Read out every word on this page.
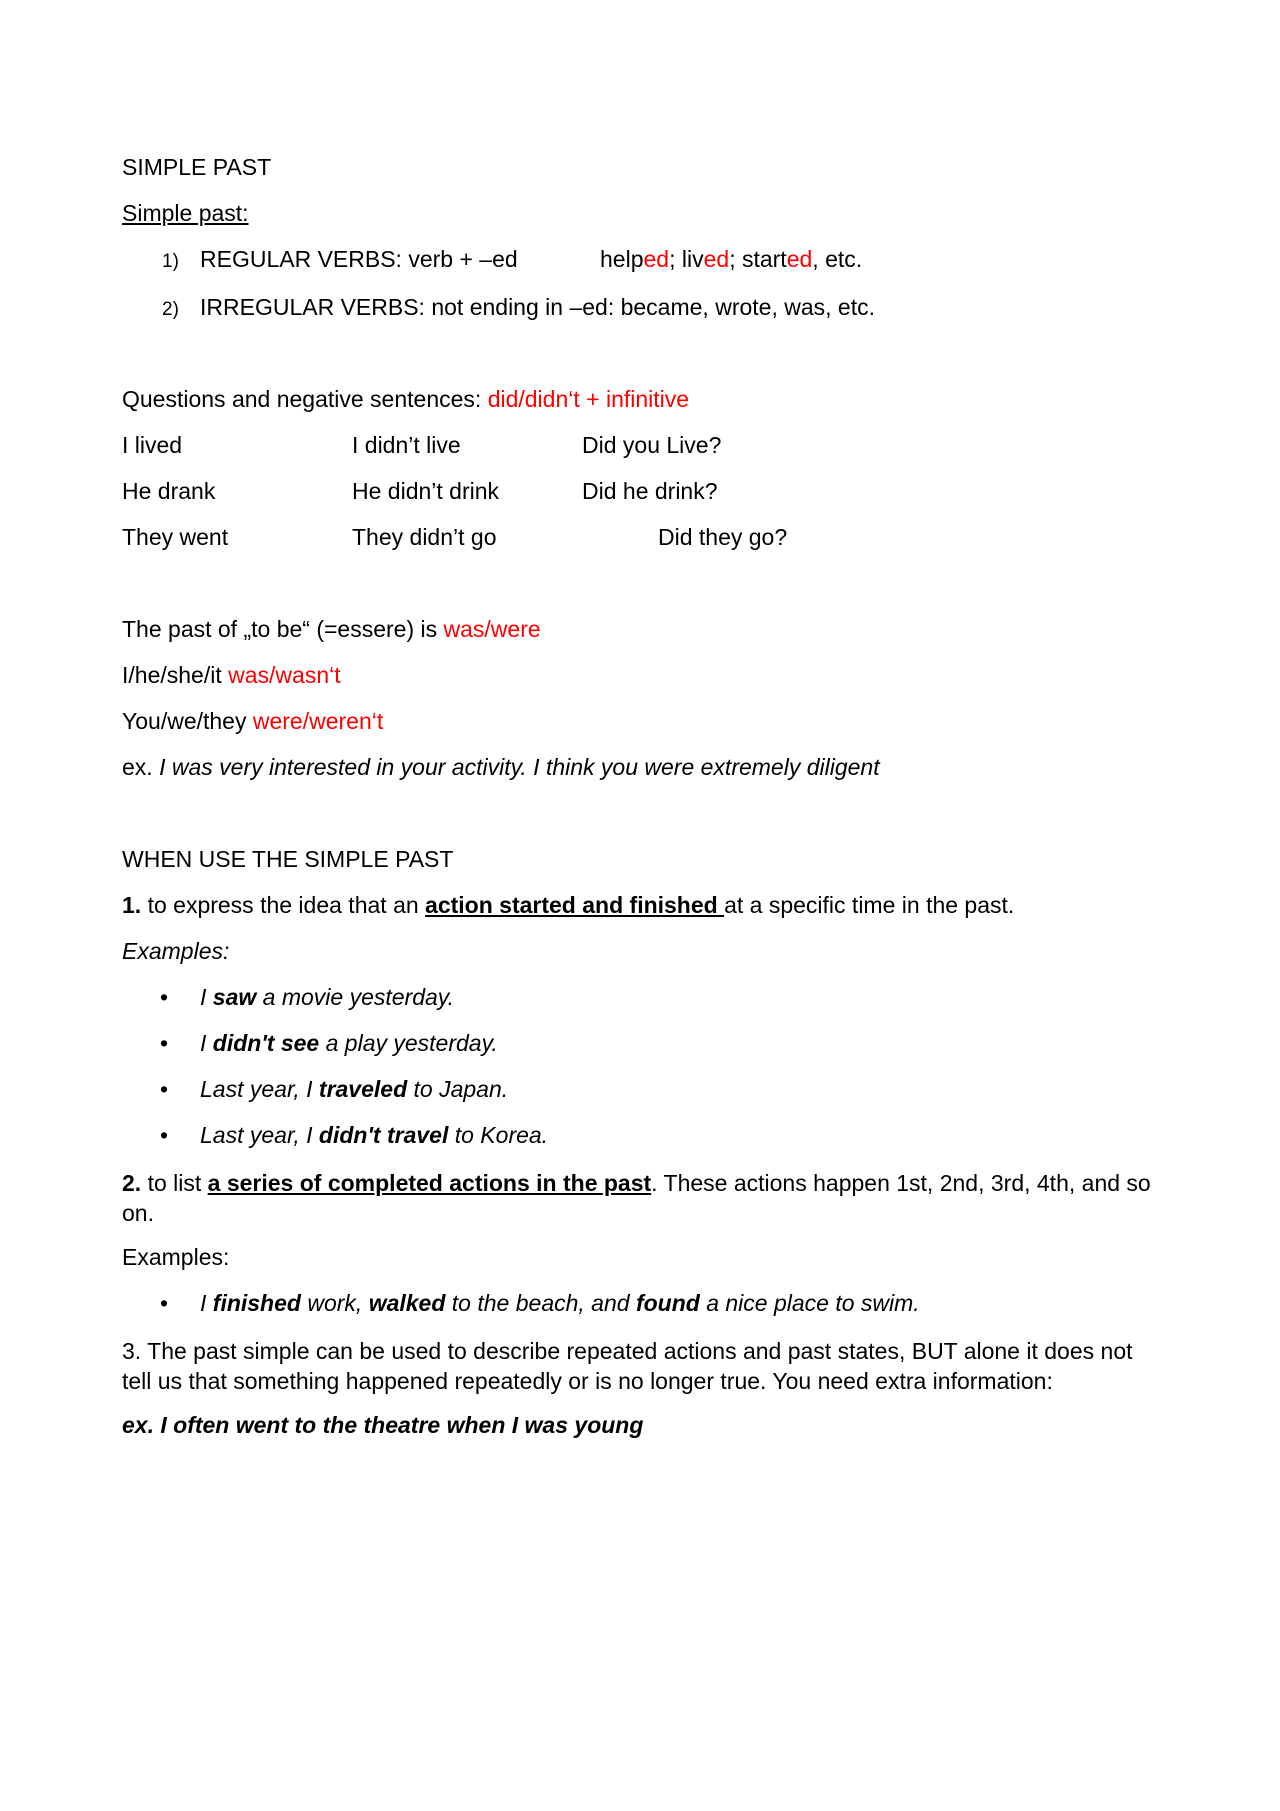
SIMPLE PAST
Simple past:
1) REGULAR VERBS: verb + –ed	helped; lived; started, etc.
2) IRREGULAR VERBS: not ending in –ed: became, wrote, was, etc.
Questions and negative sentences: did/didn‘t + infinitive
I lived	I didn’t live	Did you Live?
He drank	He didn’t drink	Did he drink?
They went	They didn’t go	Did they go?
The past of „to be“ (=essere) is was/were
I/he/she/it was/wasn‘t
You/we/they were/weren‘t
ex. I was very interested in your activity. I think you were extremely diligent
WHEN USE THE SIMPLE PAST
1. to express the idea that an action started and finished at a specific time in the past.
Examples:
• I saw a movie yesterday.
• I didn't see a play yesterday.
• Last year, I traveled to Japan.
• Last year, I didn't travel to Korea.
2. to list a series of completed actions in the past. These actions happen 1st, 2nd, 3rd, 4th, and so on.
Examples:
• I finished work, walked to the beach, and found a nice place to swim.
3. The past simple can be used to describe repeated actions and past states, BUT alone it does not tell us that something happened repeatedly or is no longer true. You need extra information:
ex. I often went to the theatre when I was young
